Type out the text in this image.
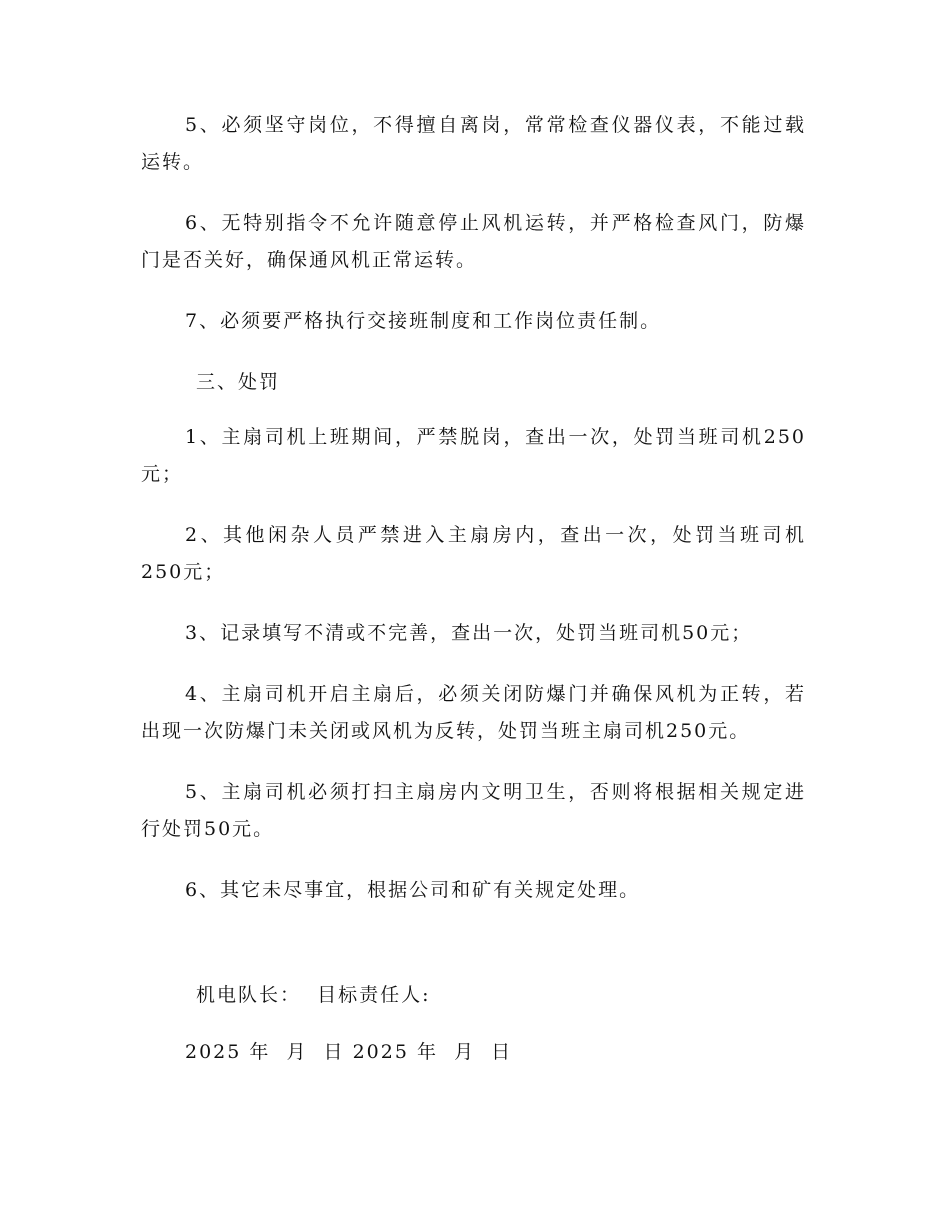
5、必须坚守岗位，不得擅自离岗，常常检查仪器仪表，不能过载运转。

6、无特别指令不允许随意停止风机运转，并严格检查风门，防爆门是否关好，确保通风机正常运转。

7、必须要严格执行交接班制度和工作岗位责任制。

三、处罚

1、主扇司机上班期间，严禁脱岗，查出一次，处罚当班司机250元；

2、其他闲杂人员严禁进入主扇房内，查出一次，处罚当班司机250元；

3、记录填写不清或不完善，查出一次，处罚当班司机50元；

4、主扇司机开启主扇后，必须关闭防爆门并确保风机为正转，若出现一次防爆门未关闭或风机为反转，处罚当班主扇司机250元。

5、主扇司机必须打扫主扇房内文明卫生，否则将根据相关规定进行处罚50元。

6、其它未尽事宜，根据公司和矿有关规定处理。

机电队长：  目标责任人:

2025 年  月  日 2025 年  月  日
